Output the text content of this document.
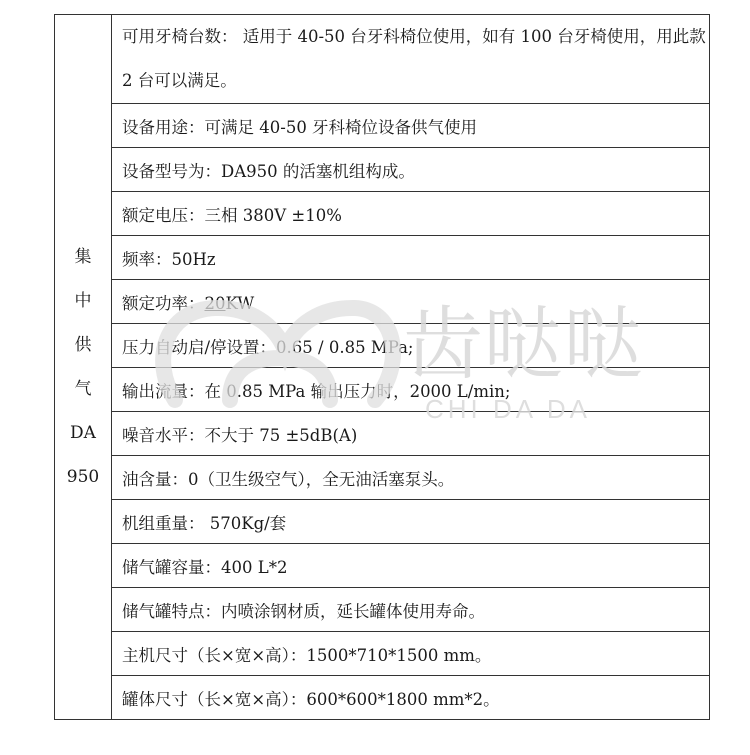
集
中
供
气
DA
950
	可用牙椅台数： 适用于 40-50 台牙科椅位使用，如有 100 台牙椅使用，用此款 2 台可以满足。
设备用途：可满足 40-50 牙科椅位设备供气使用
设备型号为：DA950 的活塞机组构成。
额定电压：三相 380V ±10%
频率：50Hz
额定功率：20KW
压力自动启/停设置：0.65 / 0.85 MPa;
输出流量：在 0.85 MPa 输出压力时，2000 L/min;
噪音水平：不大于 75 ±5dB(A)
油含量：0（卫生级空气），全无油活塞泵头。
机组重量： 570Kg/套
储气罐容量：400 L*2
储气罐特点：内喷涂钢材质，延长罐体使用寿命。
主机尺寸（长×宽×高）：1500*710*1500 mm。
罐体尺寸（长×宽×高）：600*600*1800 mm*2。
齿哒哒
CHI DA DA
